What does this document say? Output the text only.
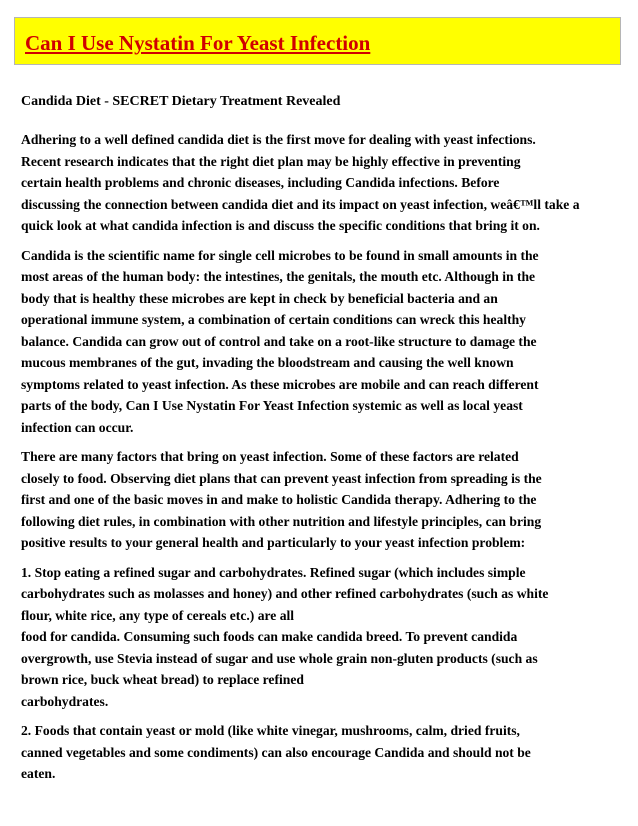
Can I Use Nystatin For Yeast Infection
Candida Diet - SECRET Dietary Treatment Revealed
Adhering to a well defined candida diet is the first move for dealing with yeast infections.
Recent research indicates that the right diet plan may be highly effective in preventing
certain health problems and chronic diseases, including Candida infections. Before
discussing the connection between candida diet and its impact on yeast infection, weâ€™ll take a
quick look at what candida infection is and discuss the specific conditions that bring it on.
Candida is the scientific name for single cell microbes to be found in small amounts in the
most areas of the human body: the intestines, the genitals, the mouth etc. Although in the
body that is healthy these microbes are kept in check by beneficial bacteria and an
operational immune system, a combination of certain conditions can wreck this healthy
balance. Candida can grow out of control and take on a root-like structure to damage the
mucous membranes of the gut, invading the bloodstream and causing the well known
symptoms related to yeast infection. As these microbes are mobile and can reach different
parts of the body, Can I Use Nystatin For Yeast Infection systemic as well as local yeast
infection can occur.
There are many factors that bring on yeast infection. Some of these factors are related
closely to food. Observing diet plans that can prevent yeast infection from spreading is the
first and one of the basic moves in and make to holistic Candida therapy. Adhering to the
following diet rules, in combination with other nutrition and lifestyle principles, can bring
positive results to your general health and particularly to your yeast infection problem:
1. Stop eating a refined sugar and carbohydrates. Refined sugar (which includes simple
carbohydrates such as molasses and honey) and other refined carbohydrates (such as white
flour, white rice, any type of cereals etc.) are all
food for candida. Consuming such foods can make candida breed. To prevent candida
overgrowth, use Stevia instead of sugar and use whole grain non-gluten products (such as
brown rice, buck wheat bread) to replace refined
carbohydrates.
2. Foods that contain yeast or mold (like white vinegar, mushrooms, calm, dried fruits,
canned vegetables and some condiments) can also encourage Candida and should not be
eaten.
